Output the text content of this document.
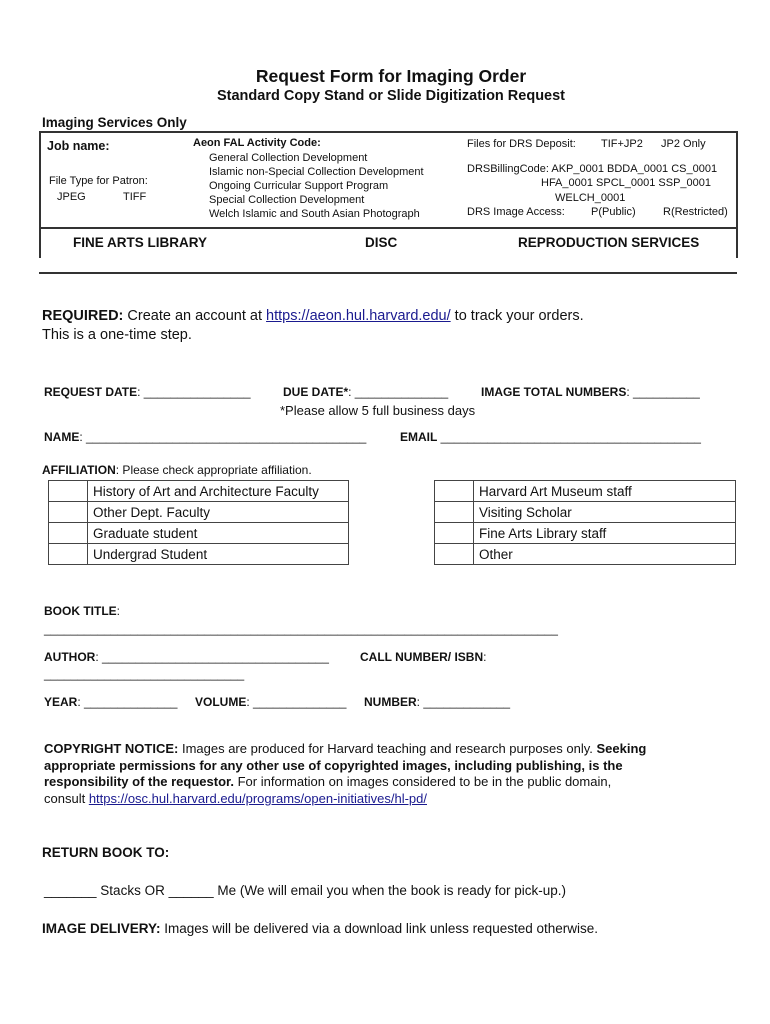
Request Form for Imaging Order
Standard Copy Stand or Slide Digitization Request
Imaging Services Only
Job name:
File Type for Patron:
JPEG	TIFF
Aeon FAL Activity Code:
General Collection Development
Islamic non-Special Collection Development
Ongoing Curricular Support Program
Special Collection Development
Welch Islamic and South Asian Photograph
Files for DRS Deposit: TIF+JP2 JP2 Only
DRSBillingCode: AKP_0001 BDDA_0001 CS_0001
HFA_0001 SPCL_0001 SSP_0001
WELCH_0001
DRS Image Access: P(Public) R(Restricted)
FINE ARTS LIBRARY	DISC	REPRODUCTION SERVICES
REQUIRED: Create an account at https://aeon.hul.harvard.edu/ to track your orders.
This is a one-time step.
REQUEST DATE: ________________	DUE DATE*: ______________	IMAGE TOTAL NUMBERS: __________
*Please allow 5 full business days
NAME: __________________________________________	EMAIL _______________________________________
AFFILIATION: Please check appropriate affiliation.
	History of Art and Architecture Faculty
	Other Dept. Faculty
	Graduate student
	Undergrad Student
	Harvard Art Museum staff
	Visiting Scholar
	Fine Arts Library staff
	Other
BOOK TITLE:
_____________________________________________________________________________
AUTHOR: __________________________________	CALL NUMBER/ ISBN:
______________________________
YEAR: ______________ VOLUME: ______________ NUMBER: _____________
COPYRIGHT NOTICE: Images are produced for Harvard teaching and research purposes only. Seeking
appropriate permissions for any other use of copyrighted images, including publishing, is the
responsibility of the requestor. For information on images considered to be in the public domain,
consult https://osc.hul.harvard.edu/programs/open-initiatives/hl-pd/
RETURN BOOK TO:
_______ Stacks OR ______ Me (We will email you when the book is ready for pick-up.)
IMAGE DELIVERY: Images will be delivered via a download link unless requested otherwise.
